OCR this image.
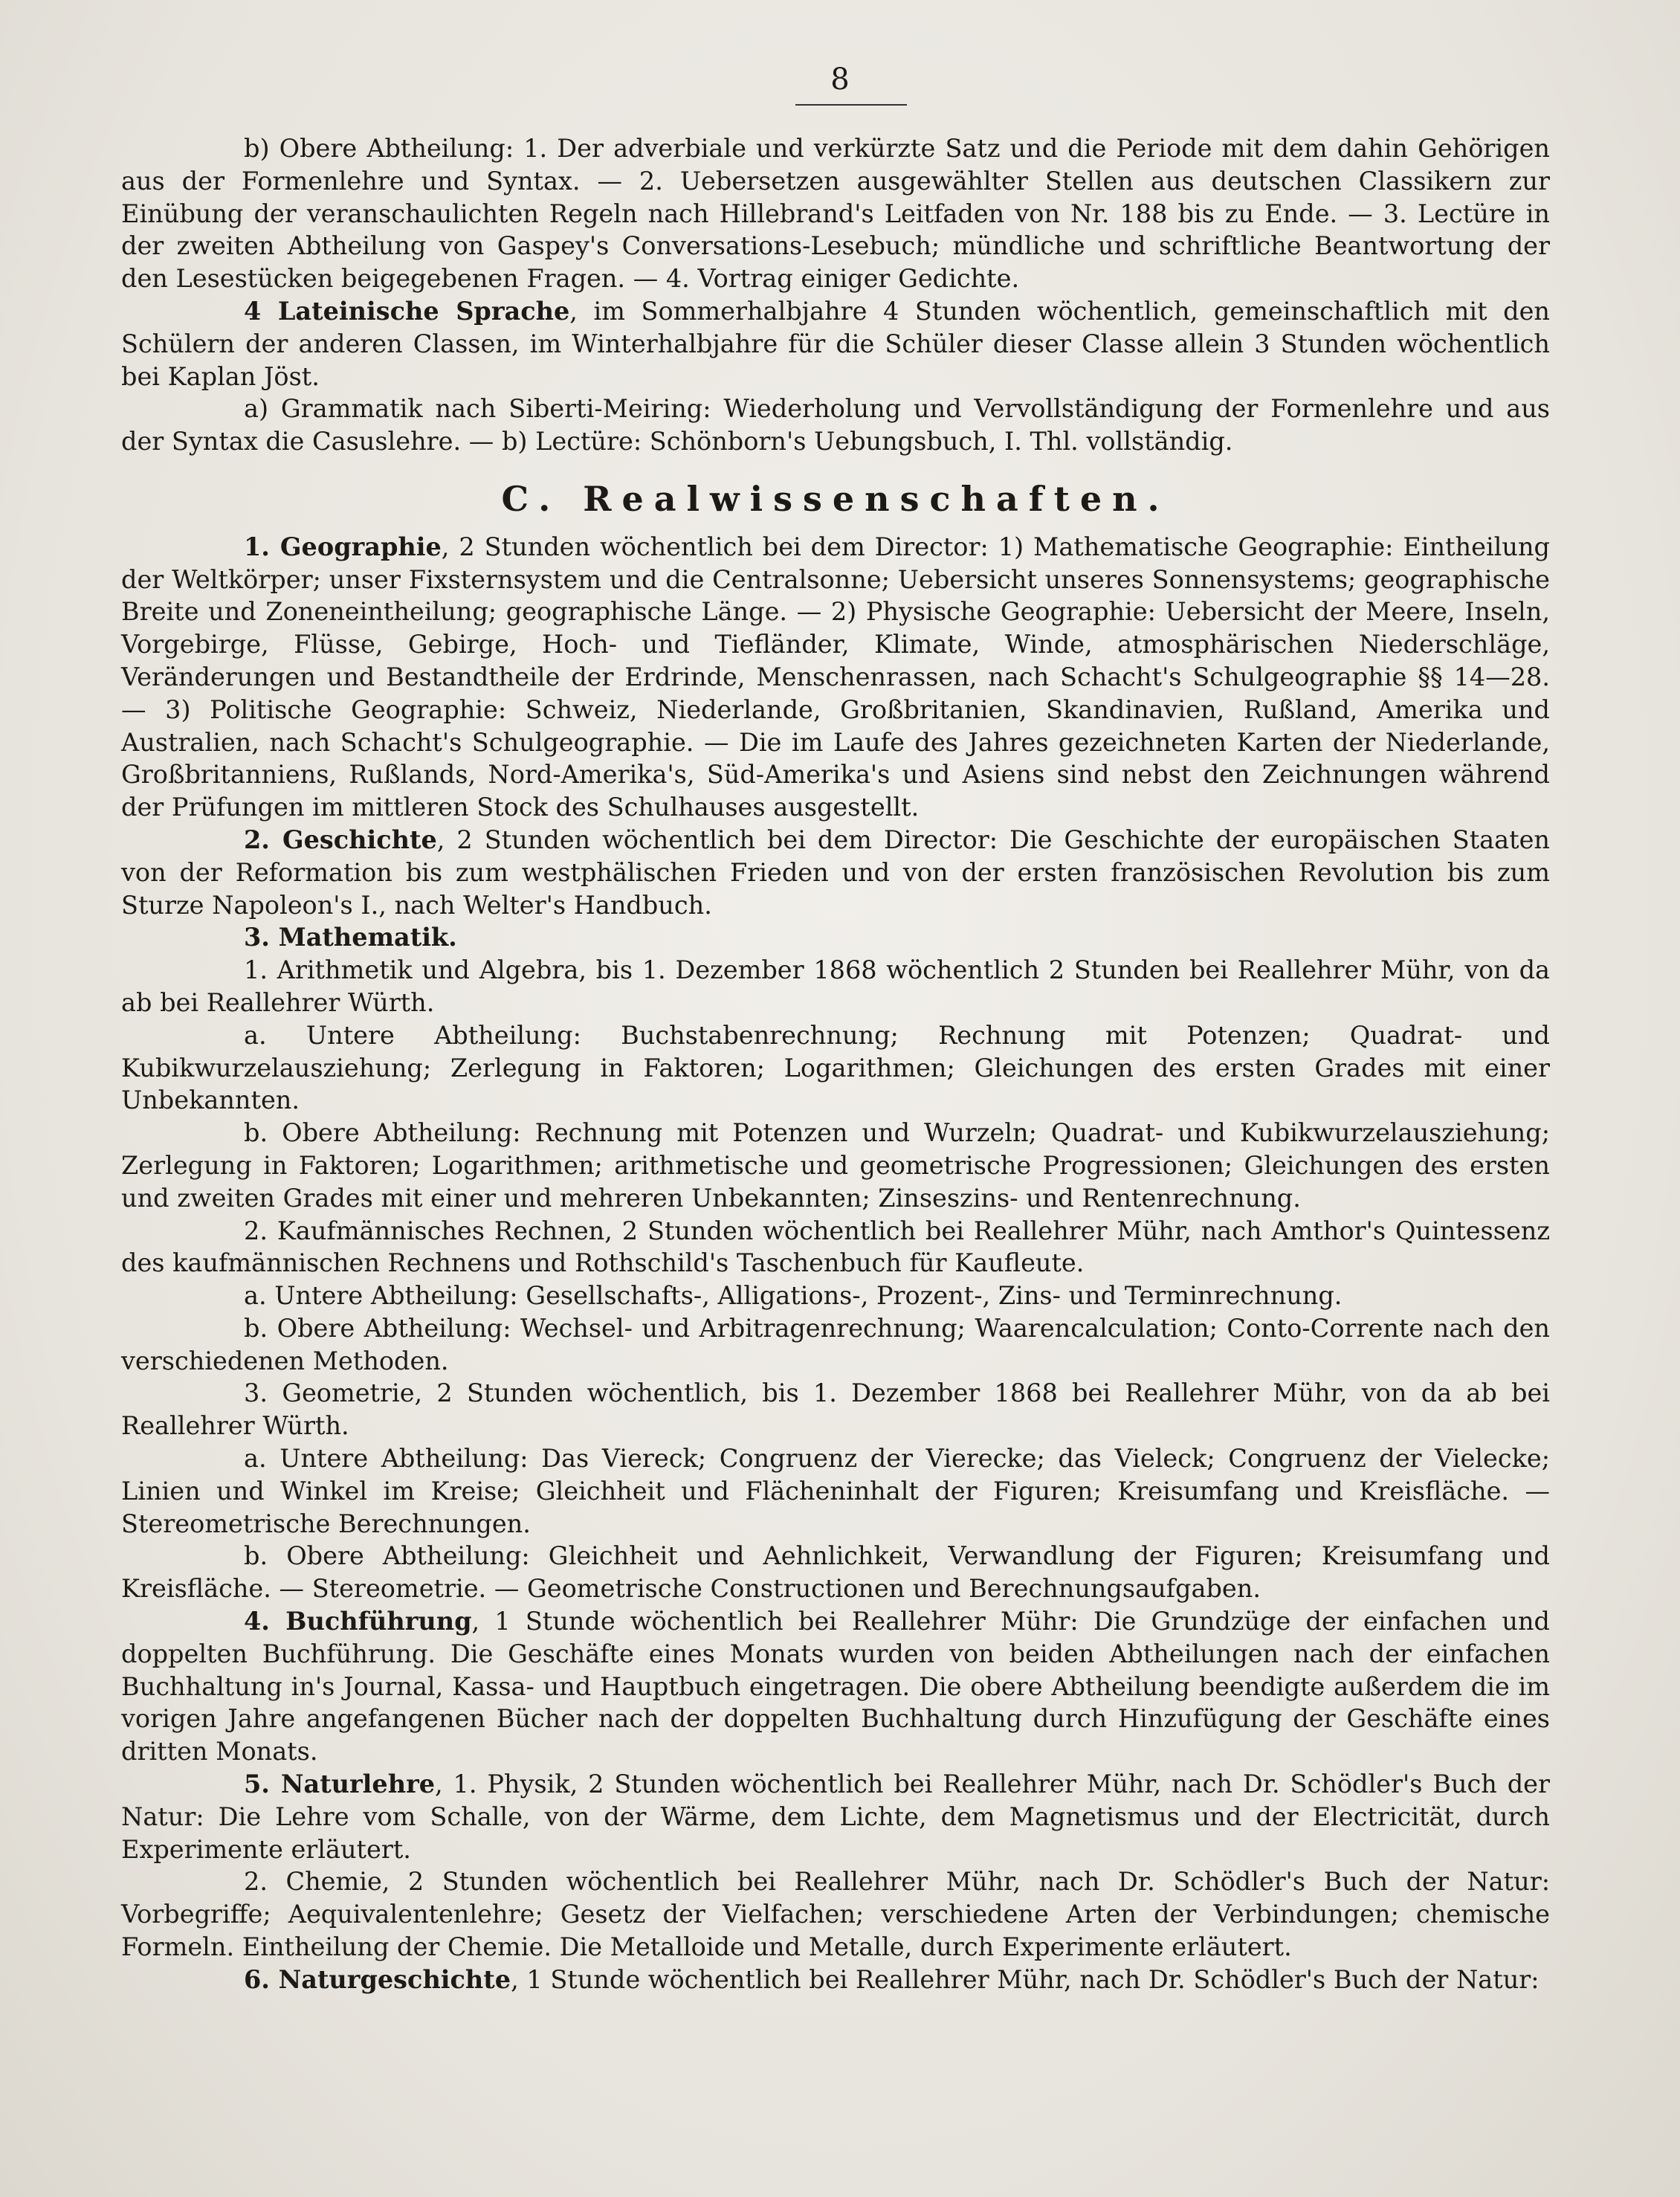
8

b) Obere Abtheilung: 1. Der adverbiale und verkürzte Satz und die Periode mit dem dahin Gehörigen aus der Formenlehre und Syntax. — 2. Uebersetzen ausgewählter Stellen aus deutschen Classikern zur Einübung der veranschaulichten Regeln nach Hillebrand's Leitfaden von Nr. 188 bis zu Ende. — 3. Lectüre in der zweiten Abtheilung von Gaspey's Conversations-Lesebuch; mündliche und schriftliche Beantwortung der den Lesestücken beigegebenen Fragen. — 4. Vortrag einiger Gedichte.

4 Lateinische Sprache, im Sommerhalbjahre 4 Stunden wöchentlich, gemeinschaftlich mit den Schülern der anderen Classen, im Winterhalbjahre für die Schüler dieser Classe allein 3 Stunden wöchentlich bei Kaplan Jöst.

a) Grammatik nach Siberti-Meiring: Wiederholung und Vervollständigung der Formenlehre und aus der Syntax die Casuslehre. — b) Lectüre: Schönborn's Uebungsbuch, I. Thl. vollständig.

C. Realwissenschaften.

1. Geographie, 2 Stunden wöchentlich bei dem Director: 1) Mathematische Geographie: Eintheilung der Weltkörper; unser Fixsternsystem und die Centralsonne; Uebersicht unseres Sonnensystems; geographische Breite und Zoneneintheilung; geographische Länge. — 2) Physische Geographie: Uebersicht der Meere, Inseln, Vorgebirge, Flüsse, Gebirge, Hoch- und Tiefländer, Klimate, Winde, atmosphärischen Niederschläge, Veränderungen und Bestandtheile der Erdrinde, Menschenrassen, nach Schacht's Schulgeographie §§ 14—28. — 3) Politische Geographie: Schweiz, Niederlande, Großbritanien, Skandinavien, Rußland, Amerika und Australien, nach Schacht's Schulgeographie. — Die im Laufe des Jahres gezeichneten Karten der Niederlande, Großbritanniens, Rußlands, Nord-Amerika's, Süd-Amerika's und Asiens sind nebst den Zeichnungen während der Prüfungen im mittleren Stock des Schulhauses ausgestellt.

2. Geschichte, 2 Stunden wöchentlich bei dem Director: Die Geschichte der europäischen Staaten von der Reformation bis zum westphälischen Frieden und von der ersten französischen Revolution bis zum Sturze Napoleon's I., nach Welter's Handbuch.

3. Mathematik.

1. Arithmetik und Algebra, bis 1. Dezember 1868 wöchentlich 2 Stunden bei Reallehrer Mühr, von da ab bei Reallehrer Würth.

a. Untere Abtheilung: Buchstabenrechnung; Rechnung mit Potenzen; Quadrat- und Kubikwurzelausziehung; Zerlegung in Faktoren; Logarithmen; Gleichungen des ersten Grades mit einer Unbekannten.

b. Obere Abtheilung: Rechnung mit Potenzen und Wurzeln; Quadrat- und Kubikwurzelausziehung; Zerlegung in Faktoren; Logarithmen; arithmetische und geometrische Progressionen; Gleichungen des ersten und zweiten Grades mit einer und mehreren Unbekannten; Zinseszins- und Rentenrechnung.

2. Kaufmännisches Rechnen, 2 Stunden wöchentlich bei Reallehrer Mühr, nach Amthor's Quintessenz des kaufmännischen Rechnens und Rothschild's Taschenbuch für Kaufleute.

a. Untere Abtheilung: Gesellschafts-, Alligations-, Prozent-, Zins- und Terminrechnung.

b. Obere Abtheilung: Wechsel- und Arbitragenrechnung; Waarencalculation; Conto-Corrente nach den verschiedenen Methoden.

3. Geometrie, 2 Stunden wöchentlich, bis 1. Dezember 1868 bei Reallehrer Mühr, von da ab bei Reallehrer Würth.

a. Untere Abtheilung: Das Viereck; Congruenz der Vierecke; das Vieleck; Congruenz der Vielecke; Linien und Winkel im Kreise; Gleichheit und Flächeninhalt der Figuren; Kreisumfang und Kreisfläche. — Stereometrische Berechnungen.

b. Obere Abtheilung: Gleichheit und Aehnlichkeit, Verwandlung der Figuren; Kreisumfang und Kreisfläche. — Stereometrie. — Geometrische Constructionen und Berechnungsaufgaben.

4. Buchführung, 1 Stunde wöchentlich bei Reallehrer Mühr: Die Grundzüge der einfachen und doppelten Buchführung. Die Geschäfte eines Monats wurden von beiden Abtheilungen nach der einfachen Buchhaltung in's Journal, Kassa- und Hauptbuch eingetragen. Die obere Abtheilung beendigte außerdem die im vorigen Jahre angefangenen Bücher nach der doppelten Buchhaltung durch Hinzufügung der Geschäfte eines dritten Monats.

5. Naturlehre, 1. Physik, 2 Stunden wöchentlich bei Reallehrer Mühr, nach Dr. Schödler's Buch der Natur: Die Lehre vom Schalle, von der Wärme, dem Lichte, dem Magnetismus und der Electricität, durch Experimente erläutert.

2. Chemie, 2 Stunden wöchentlich bei Reallehrer Mühr, nach Dr. Schödler's Buch der Natur: Vorbegriffe; Aequivalentenlehre; Gesetz der Vielfachen; verschiedene Arten der Verbindungen; chemische Formeln. Eintheilung der Chemie. Die Metalloide und Metalle, durch Experimente erläutert.

6. Naturgeschichte, 1 Stunde wöchentlich bei Reallehrer Mühr, nach Dr. Schödler's Buch der Natur:
